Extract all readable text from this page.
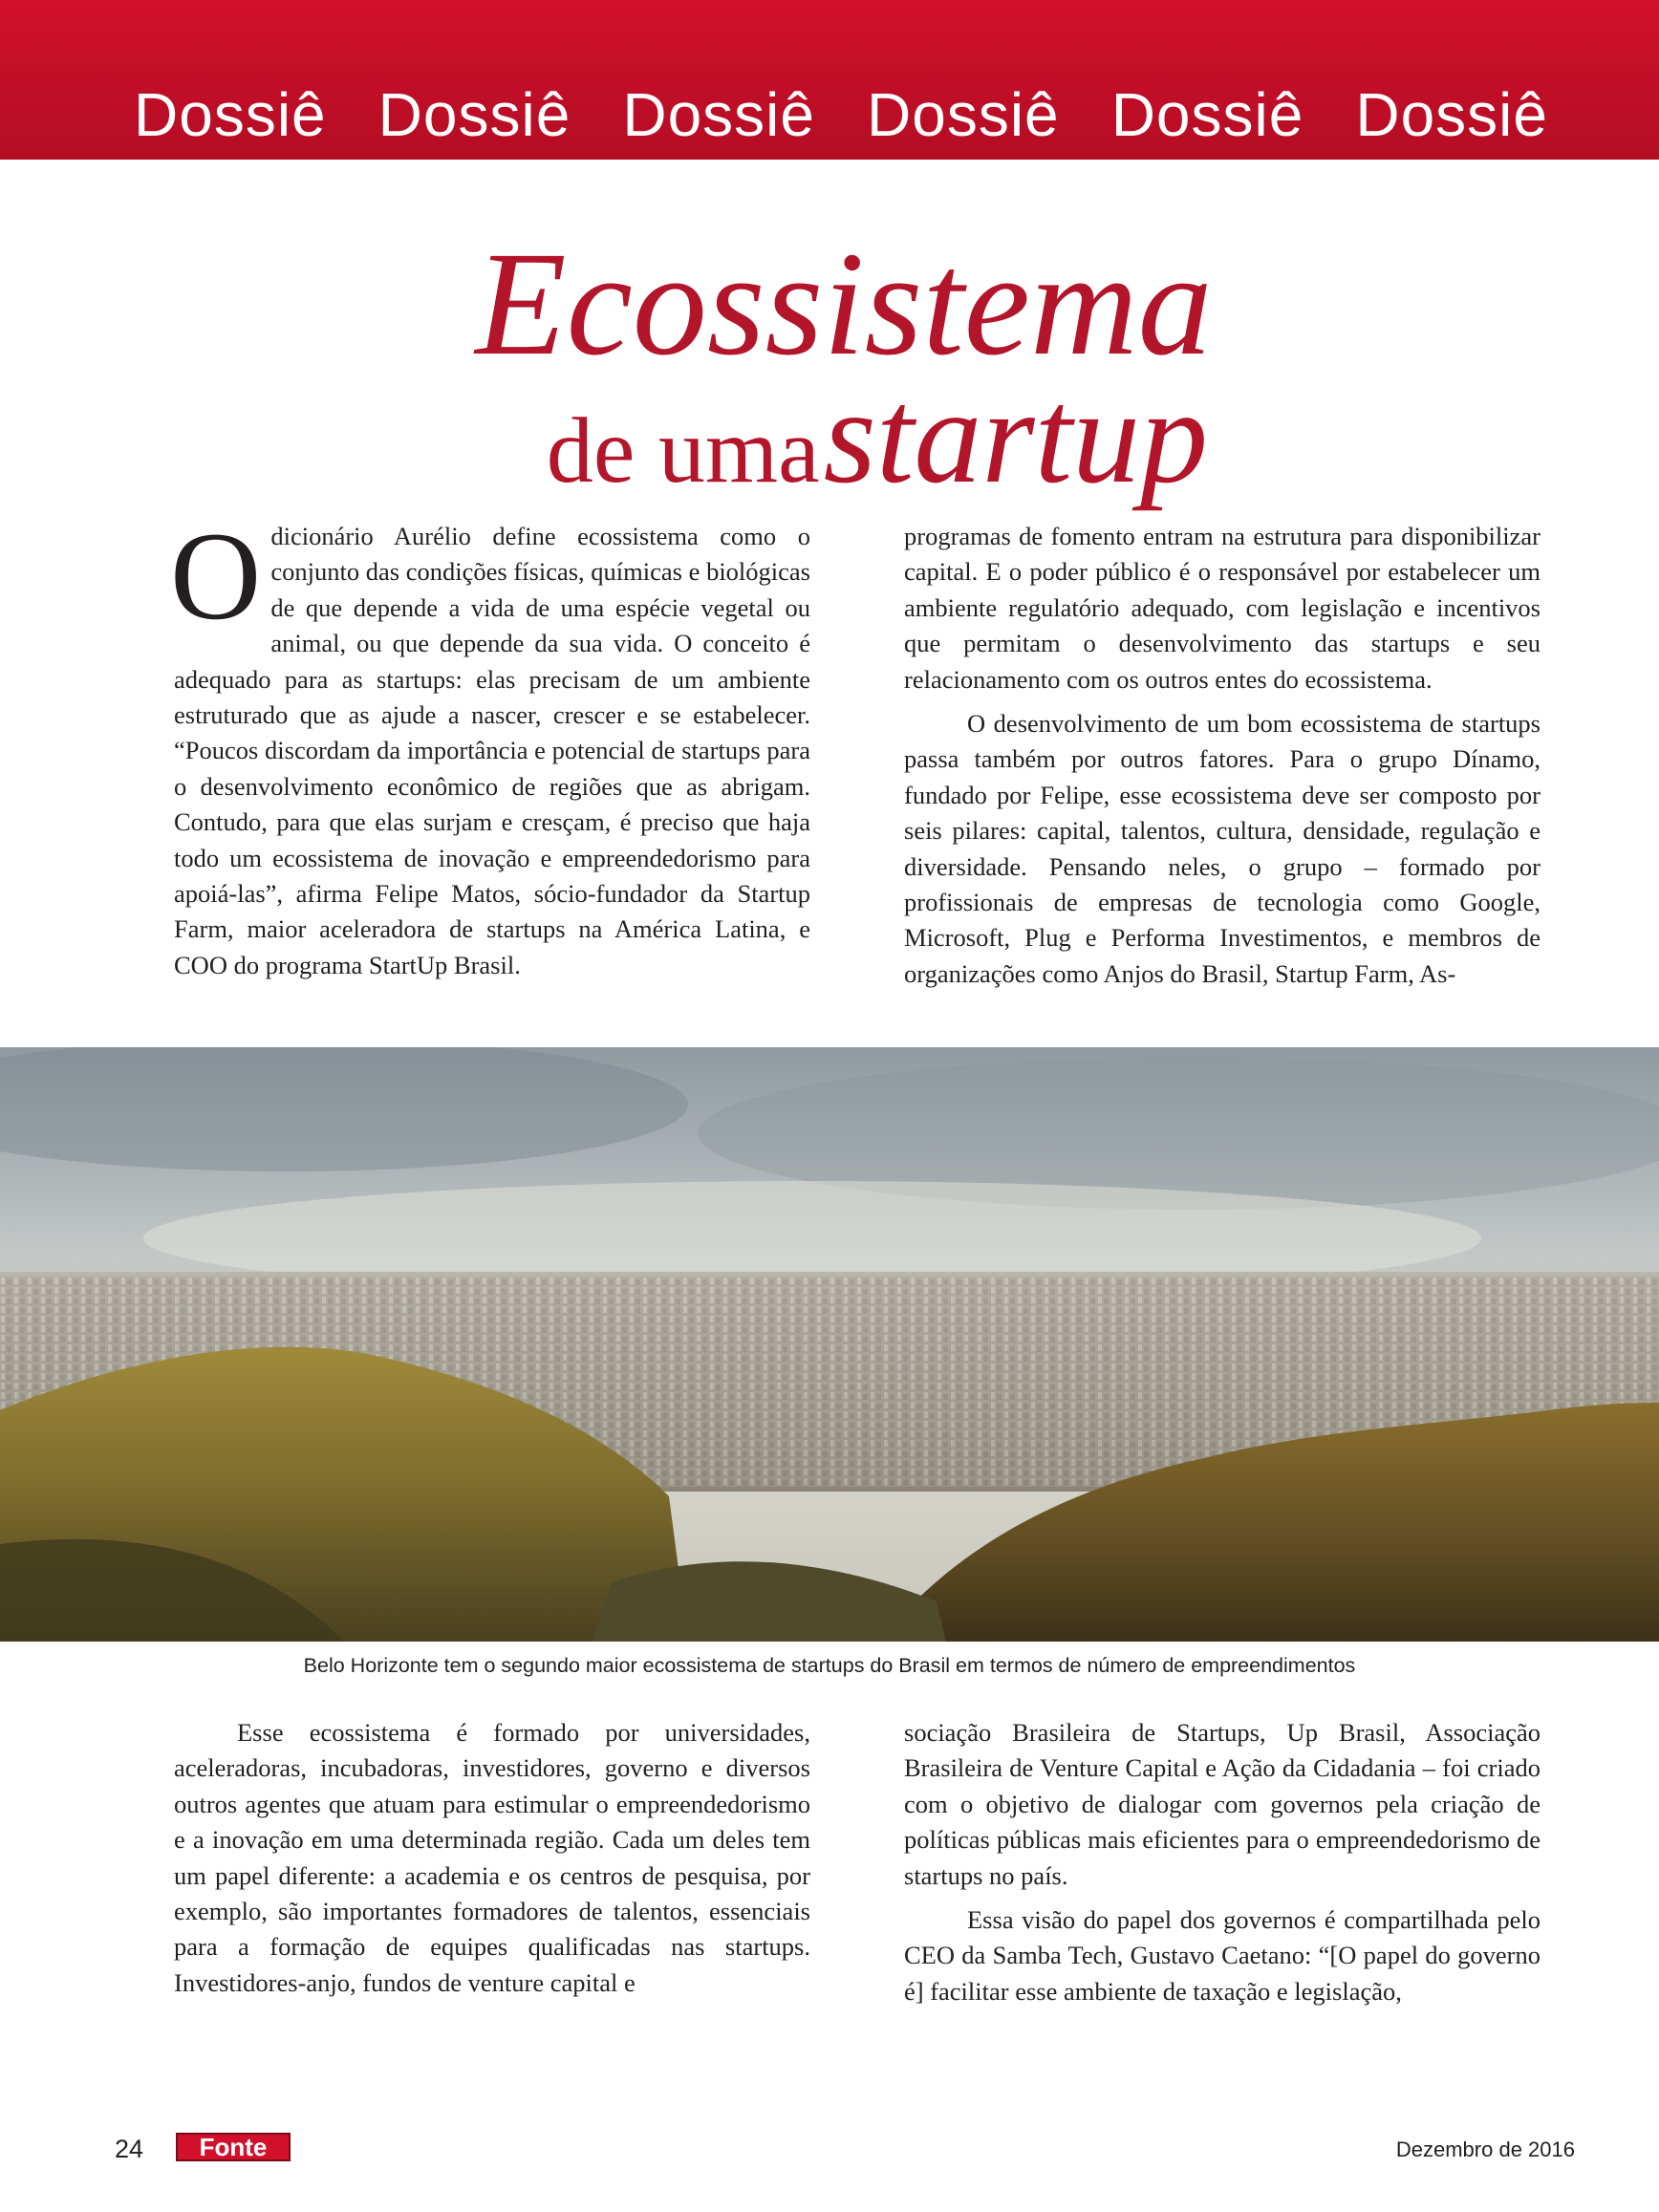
Dossiê Dossiê Dossiê Dossiê Dossiê Dossiê
Ecossistema
de uma startup

Odicionário Aurélio define ecossistema como o conjunto das condições físicas, químicas e biológicas de que depende a vida de uma espécie vegetal ou animal, ou que depende da sua vida. O conceito é adequado para as startups: elas precisam de um ambiente estruturado que as ajude a nascer, crescer e se estabelecer. “Poucos discordam da importância e potencial de startups para o desenvolvimento econômico de regiões que as abrigam. Contudo, para que elas surjam e cresçam, é preciso que haja todo um ecossistema de inovação e empreendedorismo para apoiá-las”, afirma Felipe Matos, sócio-fundador da Startup Farm, maior aceleradora de startups na América Latina, e COO do programa StartUp Brasil.

programas de fomento entram na estrutura para disponibilizar capital. E o poder público é o responsável por estabelecer um ambiente regulatório adequado, com legislação e incentivos que permitam o desenvolvimento das startups e seu relacionamento com os outros entes do ecossistema.

O desenvolvimento de um bom ecossistema de startups passa também por outros fatores. Para o grupo Dínamo, fundado por Felipe, esse ecossistema deve ser composto por seis pilares: capital, talentos, cultura, densidade, regulação e diversidade. Pensando neles, o grupo – formado por profissionais de empresas de tecnologia como Google, Microsoft, Plug e Performa Investimentos, e membros de organizações como Anjos do Brasil, Startup Farm, As-

Belo Horizonte tem o segundo maior ecossistema de startups do Brasil em termos de número de empreendimentos

Esse ecossistema é formado por universidades, aceleradoras, incubadoras, investidores, governo e diversos outros agentes que atuam para estimular o empreendedorismo e a inovação em uma determinada região. Cada um deles tem um papel diferente: a academia e os centros de pesquisa, por exemplo, são importantes formadores de talentos, essenciais para a formação de equipes qualificadas nas startups. Investidores-anjo, fundos de venture capital e

sociação Brasileira de Startups, Up Brasil, Associação Brasileira de Venture Capital e Ação da Cidadania – foi criado com o objetivo de dialogar com governos pela criação de políticas públicas mais eficientes para o empreendedorismo de startups no país.

Essa visão do papel dos governos é compartilhada pelo CEO da Samba Tech, Gustavo Caetano: “[O papel do governo é] facilitar esse ambiente de taxação e legislação,

24 Fonte	Dezembro de 2016
